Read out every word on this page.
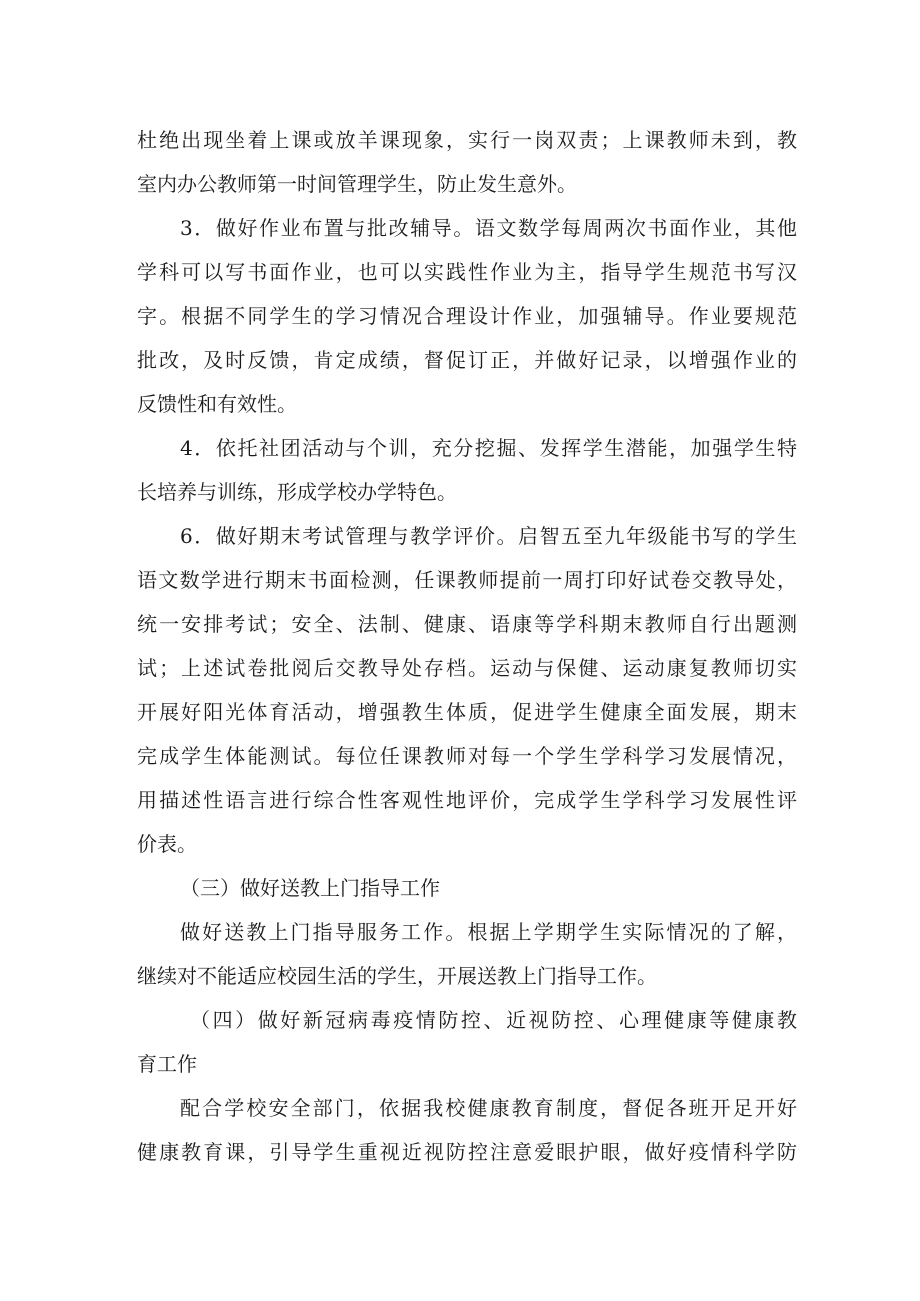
杜绝出现坐着上课或放羊课现象，实行一岗双责；上课教师未到，教
室内办公教师第一时间管理学生，防止发生意外。
3．做好作业布置与批改辅导。语文数学每周两次书面作业，其他
学科可以写书面作业，也可以实践性作业为主，指导学生规范书写汉
字。根据不同学生的学习情况合理设计作业，加强辅导。作业要规范
批改，及时反馈，肯定成绩，督促订正，并做好记录，以增强作业的
反馈性和有效性。
4．依托社团活动与个训，充分挖掘、发挥学生潜能，加强学生特
长培养与训练，形成学校办学特色。
6．做好期末考试管理与教学评价。启智五至九年级能书写的学生
语文数学进行期末书面检测，任课教师提前一周打印好试卷交教导处，
统一安排考试；安全、法制、健康、语康等学科期末教师自行出题测
试；上述试卷批阅后交教导处存档。运动与保健、运动康复教师切实
开展好阳光体育活动，增强教生体质，促进学生健康全面发展，期末
完成学生体能测试。每位任课教师对每一个学生学科学习发展情况，
用描述性语言进行综合性客观性地评价，完成学生学科学习发展性评
价表。
（三）做好送教上门指导工作
做好送教上门指导服务工作。根据上学期学生实际情况的了解，
继续对不能适应校园生活的学生，开展送教上门指导工作。
（四）做好新冠病毒疫情防控、近视防控、心理健康等健康教
育工作
配合学校安全部门，依据我校健康教育制度，督促各班开足开好
健康教育课，引导学生重视近视防控注意爱眼护眼，做好疫情科学防
